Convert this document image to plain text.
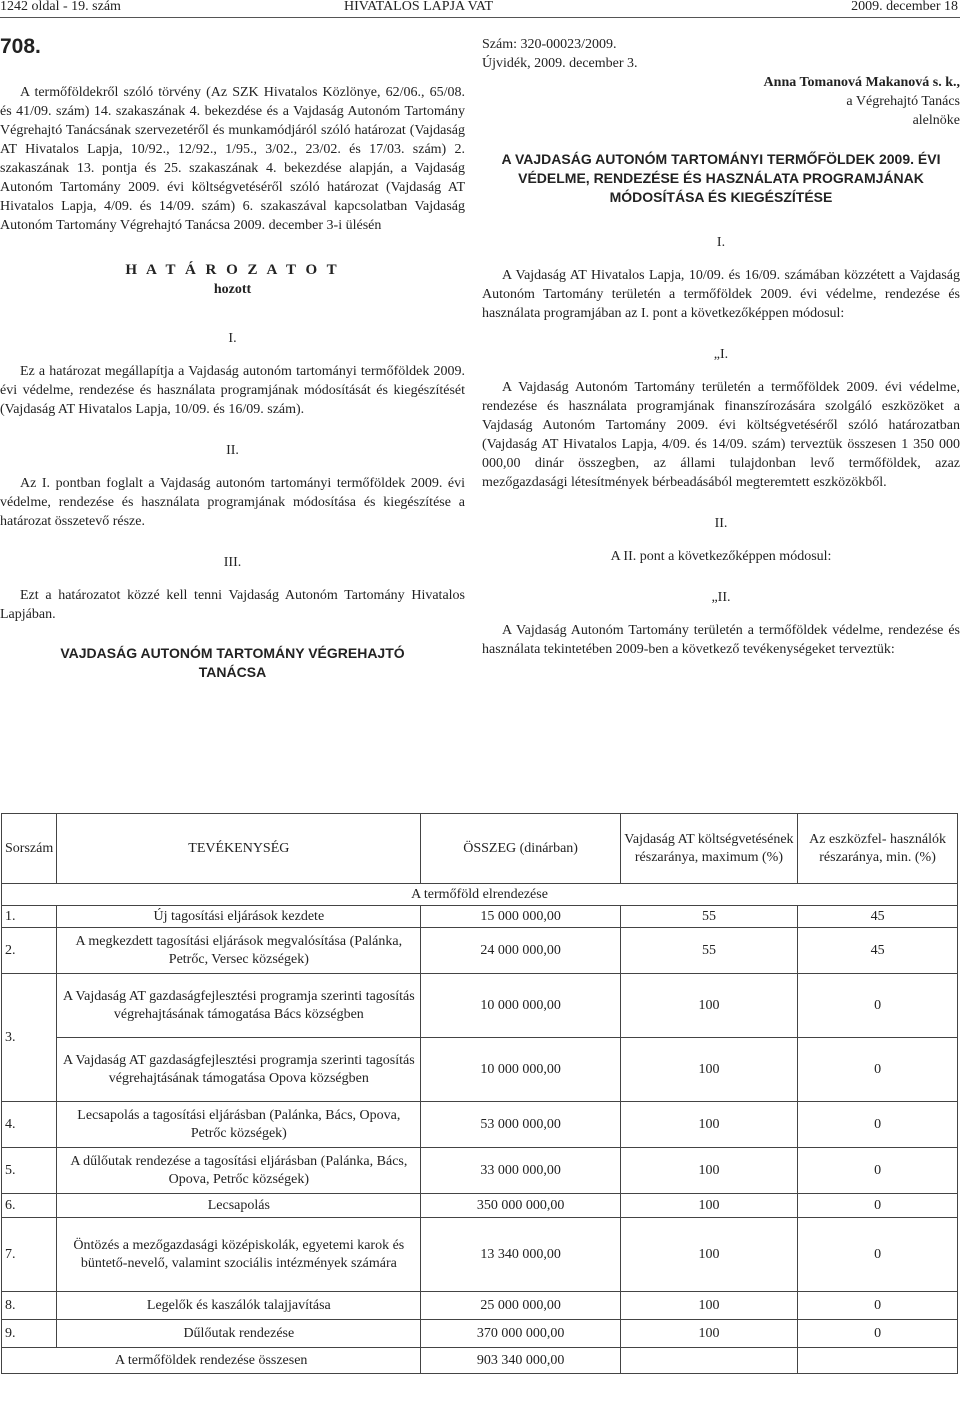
1242 oldal - 19. szám	HIVATALOS LAPJA VAT	2009. december 18

708.

A termőföldekről szóló törvény (Az SZK Hivatalos Közlönye, 62/06., 65/08. és 41/09. szám) 14. szakaszának 4. bekezdése és a Vajdaság Autonóm Tartomány Végrehajtó Tanácsának szervezetéről és munkamódjáról szóló határozat (Vajdaság AT Hivatalos Lapja, 10/92., 12/92., 1/95., 3/02., 23/02. és 17/03. szám) 2. szakaszának 13. pontja és 25. szakaszának 4. bekezdése alapján, a Vajdaság Autonóm Tartomány 2009. évi költségvetéséről szóló határozat (Vajdaság AT Hivatalos Lapja, 4/09. és 14/09. szám) 6. szakaszával kapcsolatban Vajdaság Autonóm Tartomány Végrehajtó Tanácsa 2009. december 3-i ülésén

H A T Á R O Z A T O T

hozott

I.

Ez a határozat megállapítja a Vajdaság autonóm tartományi termőföldek 2009. évi védelme, rendezése és használata programjának módosítását és kiegészítését (Vajdaság AT Hivatalos Lapja, 10/09. és 16/09. szám).

II.

Az I. pontban foglalt a Vajdaság autonóm tartományi termőföldek 2009. évi védelme, rendezése és használata programjának módosítása és kiegészítése a határozat összetevő része.

III.

Ezt a határozatot közzé kell tenni Vajdaság Autonóm Tartomány Hivatalos Lapjában.

VAJDASÁG AUTONÓM TARTOMÁNY VÉGREHAJTÓ TANÁCSA

Szám: 320-00023/2009.

Újvidék, 2009. december 3.

Anna Tomanová Makanová s. k.,

a Végrehajtó Tanács

alelnöke

A VAJDASÁG AUTONÓM TARTOMÁNYI TERMŐFÖLDEK 2009. ÉVI VÉDELME, RENDEZÉSE ÉS HASZNÁLATA PROGRAMJÁNAK MÓDOSÍTÁSA ÉS KIEGÉSZÍTÉSE

I.

A Vajdaság AT Hivatalos Lapja, 10/09. és 16/09. számában közzétett a Vajdaság Autonóm Tartomány területén a termőföldek 2009. évi védelme, rendezése és használata programjában az I. pont a következőképpen módosul:

„I.

A Vajdaság Autonóm Tartomány területén a termőföldek 2009. évi védelme, rendezése és használata programjának finanszírozására szolgáló eszközöket a Vajdaság Autonóm Tartomány 2009. évi költségvetéséről szóló határozatban (Vajdaság AT Hivatalos Lapja, 4/09. és 14/09. szám) terveztük összesen 1 350 000 000,00 dinár összegben, az állami tulajdonban levő termőföldek, azaz mezőgazdasági létesítmények bérbeadásából megteremtett eszközökből.

II.

A II. pont a következőképpen módosul:

„II.

A Vajdaság Autonóm Tartomány területén a termőföldek védelme, rendezése és használata tekintetében 2009-ben a következő tevékenységeket terveztük:

Sorszám	TEVÉKENYSÉG	ÖSSZEG (dinárban)	Vajdaság AT költségvetésének részaránya, maximum (%)	Az eszközfel- használók részaránya, min. (%)
A termőföld elrendezése				
1.	Új tagosítási eljárások kezdete	15 000 000,00	55	45
2.	A megkezdett tagosítási eljárások megvalósítása (Palánka, Petrőc, Versec községek)	24 000 000,00	55	45
3.	A Vajdaság AT gazdaságfejlesztési programja szerinti tagosítás végrehajtásának támogatása Bács községben	10 000 000,00	100	0
	A Vajdaság AT gazdaságfejlesztési programja szerinti tagosítás végrehajtásának támogatása Opova községben	10 000 000,00	100	0
4.	Lecsapolás a tagosítási eljárásban (Palánka, Bács, Opova, Petrőc községek)	53 000 000,00	100	0
5.	A dűlőutak rendezése a tagosítási eljárásban (Palánka, Bács, Opova, Petrőc községek)	33 000 000,00	100	0
6.	Lecsapolás	350 000 000,00	100	0
7.	Öntözés a mezőgazdasági középiskolák, egyetemi karok és büntető-nevelő, valamint szociális intézmények számára	13 340 000,00	100	0
8.	Legelők és kaszálók talajjavítása	25 000 000,00	100	0
9.	Dűlőutak rendezése	370 000 000,00	100	0
A termőföldek rendezése összesen		903 340 000,00		
